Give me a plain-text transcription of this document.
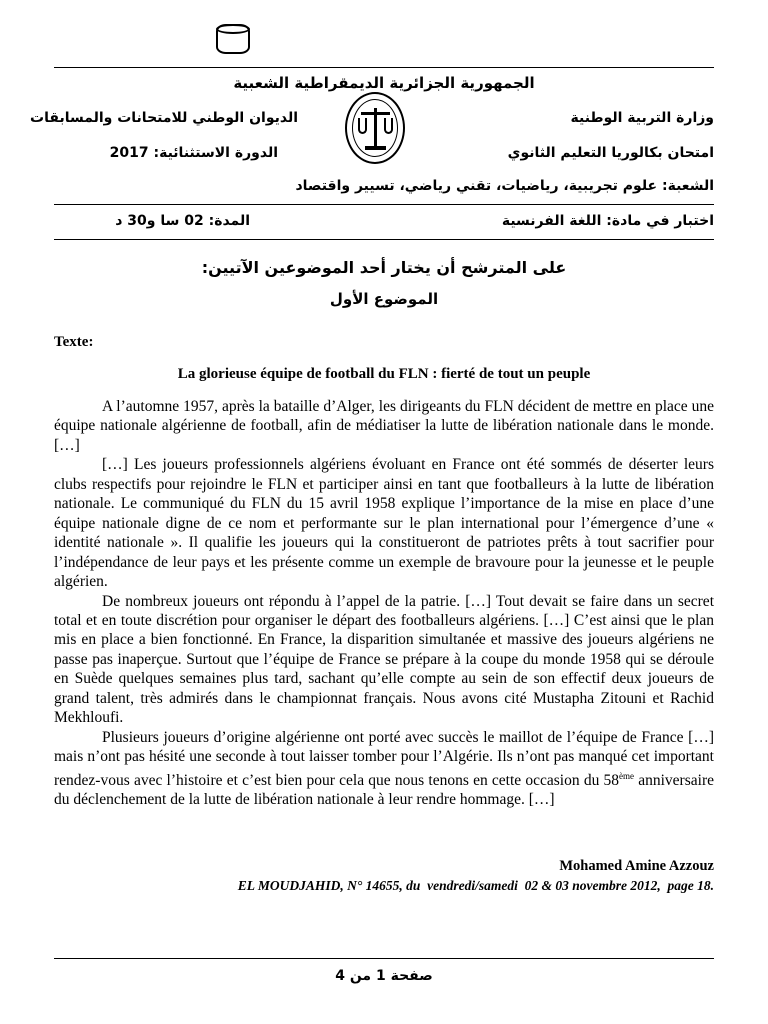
الجمهورية الجزائرية الديمقراطية الشعبية
وزارة التربية الوطنية
الديوان الوطني للامتحانات والمسابقات
امتحان بكالوريا التعليم الثانوي
الدورة الاستثنائية: 2017
الشعبة: علوم تجريبية، رياضيات، تقني رياضي، تسيير واقتصاد
اختبار في مادة: اللغة الفرنسية
المدة: 02 سا و30 د
على المترشح أن يختار أحد الموضوعين الآتيين:
الموضوع الأول
Texte:
La glorieuse équipe de football du FLN : fierté de tout un peuple

A l’automne 1957, après la bataille d’Alger, les dirigeants du FLN décident de mettre en place une équipe nationale algérienne de football, afin de médiatiser la lutte de libération nationale dans le monde. […]

[…] Les joueurs professionnels algériens évoluant en France ont été sommés de déserter leurs clubs respectifs pour rejoindre le FLN et participer ainsi en tant que footballeurs à la lutte de libération nationale. Le communiqué du FLN du 15 avril 1958 explique l’importance de la mise en place d’une équipe nationale digne de ce nom et performante sur le plan international pour l’émergence d’une « identité nationale ». Il qualifie les joueurs qui la constitueront de patriotes prêts à tout sacrifier pour l’indépendance de leur pays et les présente comme un exemple de bravoure pour la jeunesse et le peuple algérien.

De nombreux joueurs ont répondu à l’appel de la patrie. […] Tout devait se faire dans un secret total et en toute discrétion pour organiser le départ des footballeurs algériens. […] C’est ainsi que le plan mis en place a bien fonctionné. En France, la disparition simultanée et massive des joueurs algériens ne passe pas inaperçue. Surtout que l’équipe de France se prépare à la coupe du monde 1958 qui se déroule en Suède quelques semaines plus tard, sachant qu’elle compte au sein de son effectif deux joueurs de grand talent, très admirés dans le championnat français. Nous avons cité Mustapha Zitouni et Rachid Mekhloufi.

Plusieurs joueurs d’origine algérienne ont porté avec succès le maillot de l’équipe de France […] mais n’ont pas hésité une seconde à tout laisser tomber pour l’Algérie. Ils n’ont pas manqué cet important rendez-vous avec l’histoire et c’est bien pour cela que nous tenons en cette occasion du 58ème anniversaire du déclenchement de la lutte de libération nationale à leur rendre hommage. […]

Mohamed Amine Azzouz
EL MOUDJAHID, N° 14655, du  vendredi/samedi  02 & 03 novembre 2012,  page 18.
صفحة 1 من 4
